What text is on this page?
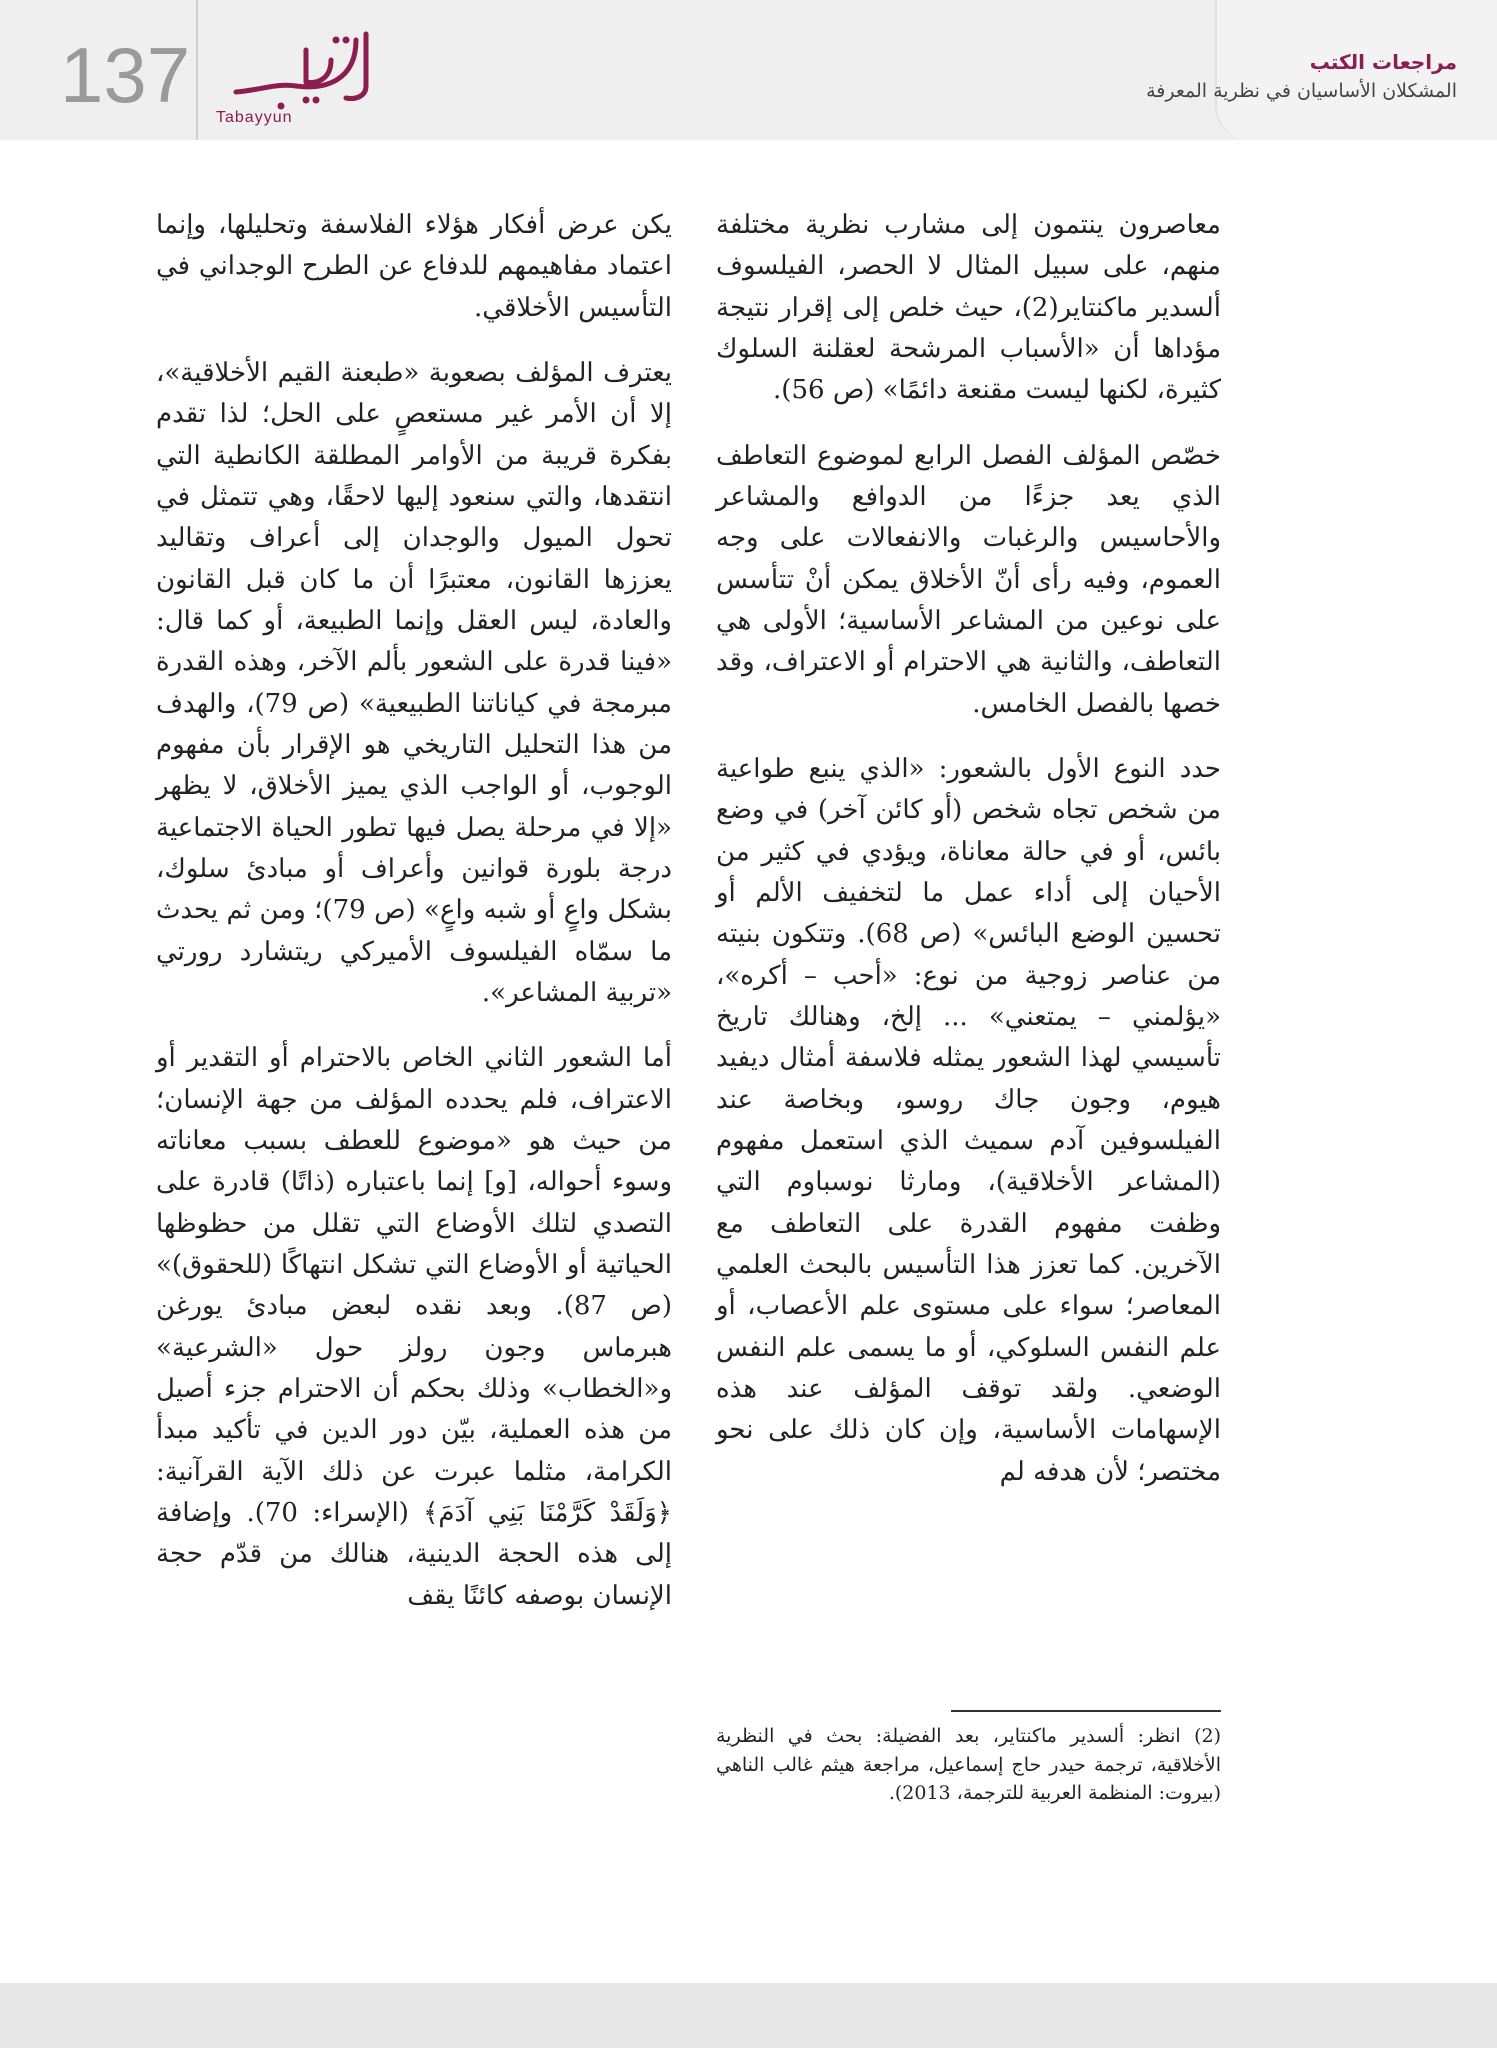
137 Tabayyun

مراجعات الكتب

المشكلان الأساسيان في نظرية المعرفة

معاصرون ينتمون إلى مشارب نظرية مختلفة منهم، على سبيل المثال لا الحصر، الفيلسوف ألسدير ماكنتاير(2)، حيث خلص إلى إقرار نتيجة مؤداها أن «الأسباب المرشحة لعقلنة السلوك كثيرة، لكنها ليست مقنعة دائمًا» (ص 56).

خصّص المؤلف الفصل الرابع لموضوع التعاطف الذي يعد جزءًا من الدوافع والمشاعر والأحاسيس والرغبات والانفعالات على وجه العموم، وفيه رأى أنّ الأخلاق يمكن أنْ تتأسس على نوعين من المشاعر الأساسية؛ الأولى هي التعاطف، والثانية هي الاحترام أو الاعتراف، وقد خصها بالفصل الخامس.

حدد النوع الأول بالشعور: «الذي ينبع طواعية من شخص تجاه شخص (أو كائن آخر) في وضع بائس، أو في حالة معاناة، ويؤدي في كثير من الأحيان إلى أداء عمل ما لتخفيف الألم أو تحسين الوضع البائس» (ص 68). وتتكون بنيته من عناصر زوجية من نوع: «أحب – أكره»، «يؤلمني – يمتعني» ... إلخ، وهنالك تاريخ تأسيسي لهذا الشعور يمثله فلاسفة أمثال ديفيد هيوم، وجون جاك روسو، وبخاصة عند الفيلسوفين آدم سميث الذي استعمل مفهوم (المشاعر الأخلاقية)، ومارثا نوسباوم التي وظفت مفهوم القدرة على التعاطف مع الآخرين. كما تعزز هذا التأسيس بالبحث العلمي المعاصر؛ سواء على مستوى علم الأعصاب، أو علم النفس السلوكي، أو ما يسمى علم النفس الوضعي. ولقد توقف المؤلف عند هذه الإسهامات الأساسية، وإن كان ذلك على نحو مختصر؛ لأن هدفه لم

يكن عرض أفكار هؤلاء الفلاسفة وتحليلها، وإنما اعتماد مفاهيمهم للدفاع عن الطرح الوجداني في التأسيس الأخلاقي.

يعترف المؤلف بصعوبة «طبعنة القيم الأخلاقية»، إلا أن الأمر غير مستعصٍ على الحل؛ لذا تقدم بفكرة قريبة من الأوامر المطلقة الكانطية التي انتقدها، والتي سنعود إليها لاحقًا، وهي تتمثل في تحول الميول والوجدان إلى أعراف وتقاليد يعززها القانون، معتبرًا أن ما كان قبل القانون والعادة، ليس العقل وإنما الطبيعة، أو كما قال: «فينا قدرة على الشعور بألم الآخر، وهذه القدرة مبرمجة في كياناتنا الطبيعية» (ص 79)، والهدف من هذا التحليل التاريخي هو الإقرار بأن مفهوم الوجوب، أو الواجب الذي يميز الأخلاق، لا يظهر «إلا في مرحلة يصل فيها تطور الحياة الاجتماعية درجة بلورة قوانين وأعراف أو مبادئ سلوك، بشكل واعٍ أو شبه واعٍ» (ص 79)؛ ومن ثم يحدث ما سمّاه الفيلسوف الأميركي ريتشارد رورتي «تربية المشاعر».

أما الشعور الثاني الخاص بالاحترام أو التقدير أو الاعتراف، فلم يحدده المؤلف من جهة الإنسان؛ من حيث هو «موضوع للعطف بسبب معاناته وسوء أحواله، [و] إنما باعتباره (ذاتًا) قادرة على التصدي لتلك الأوضاع التي تقلل من حظوظها الحياتية أو الأوضاع التي تشكل انتهاكًا (للحقوق)» (ص 87). وبعد نقده لبعض مبادئ يورغن هبرماس وجون رولز حول «الشرعية» و«الخطاب» وذلك بحكم أن الاحترام جزء أصيل من هذه العملية، بيّن دور الدين في تأكيد مبدأ الكرامة، مثلما عبرت عن ذلك الآية القرآنية: ﴿وَلَقَدْ كَرَّمْنَا بَنِي آدَمَ﴾ (الإسراء: 70). وإضافة إلى هذه الحجة الدينية، هنالك من قدّم حجة الإنسان بوصفه كائنًا يقف

(2) انظر: ألسدير ماكنتاير، بعد الفضيلة: بحث في النظرية الأخلاقية، ترجمة حيدر حاج إسماعيل، مراجعة هيثم غالب الناهي (بيروت: المنظمة العربية للترجمة، 2013).
